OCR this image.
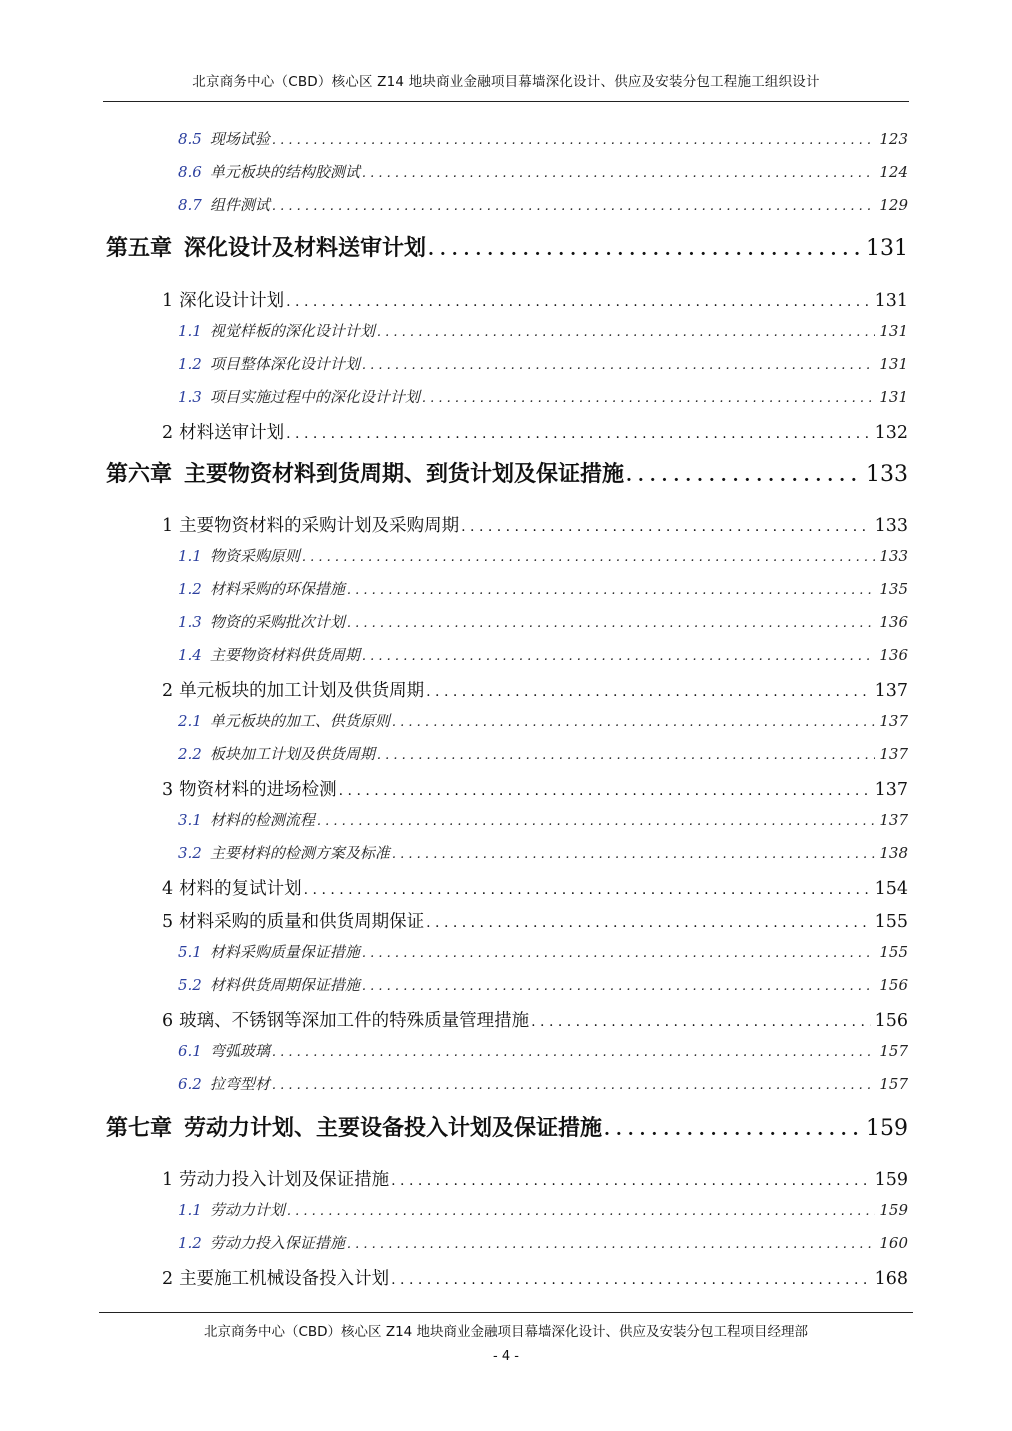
北京商务中心（CBD）核心区 Z14 地块商业金融项目幕墙深化设计、供应及安装分包工程施工组织设计
8.5 现场试验 . . .	123
8.6 单元板块的结构胶测试 . . .	124
8.7 组件测试 . . .	129
第五章 深化设计及材料送审计划 . . .	131
1 深化设计计划 . . .	131
1.1 视觉样板的深化设计计划 . . .	131
1.2 项目整体深化设计计划 . . .	131
1.3 项目实施过程中的深化设计计划 . . .	131
2 材料送审计划 . . .	132
第六章 主要物资材料到货周期、到货计划及保证措施 . . .	133
1 主要物资材料的采购计划及采购周期 . . .	133
1.1 物资采购原则 . . .	133
1.2 材料采购的环保措施 . . .	135
1.3 物资的采购批次计划 . . .	136
1.4 主要物资材料供货周期 . . .	136
2 单元板块的加工计划及供货周期 . . .	137
2.1 单元板块的加工、供货原则 . . .	137
2.2 板块加工计划及供货周期 . . .	137
3 物资材料的进场检测 . . .	137
3.1 材料的检测流程 . . .	137
3.2 主要材料的检测方案及标准 . . .	138
4 材料的复试计划 . . .	154
5 材料采购的质量和供货周期保证 . . .	155
5.1 材料采购质量保证措施 . . .	155
5.2 材料供货周期保证措施 . . .	156
6 玻璃、不锈钢等深加工件的特殊质量管理措施 . . .	156
6.1 弯弧玻璃 . . .	157
6.2 拉弯型材 . . .	157
第七章 劳动力计划、主要设备投入计划及保证措施 . . .	159
1 劳动力投入计划及保证措施 . . .	159
1.1 劳动力计划 . . .	159
1.2 劳动力投入保证措施 . . .	160
2 主要施工机械设备投入计划 . . .	168
北京商务中心（CBD）核心区 Z14 地块商业金融项目幕墙深化设计、供应及安装分包工程项目经理部
- 4 -
